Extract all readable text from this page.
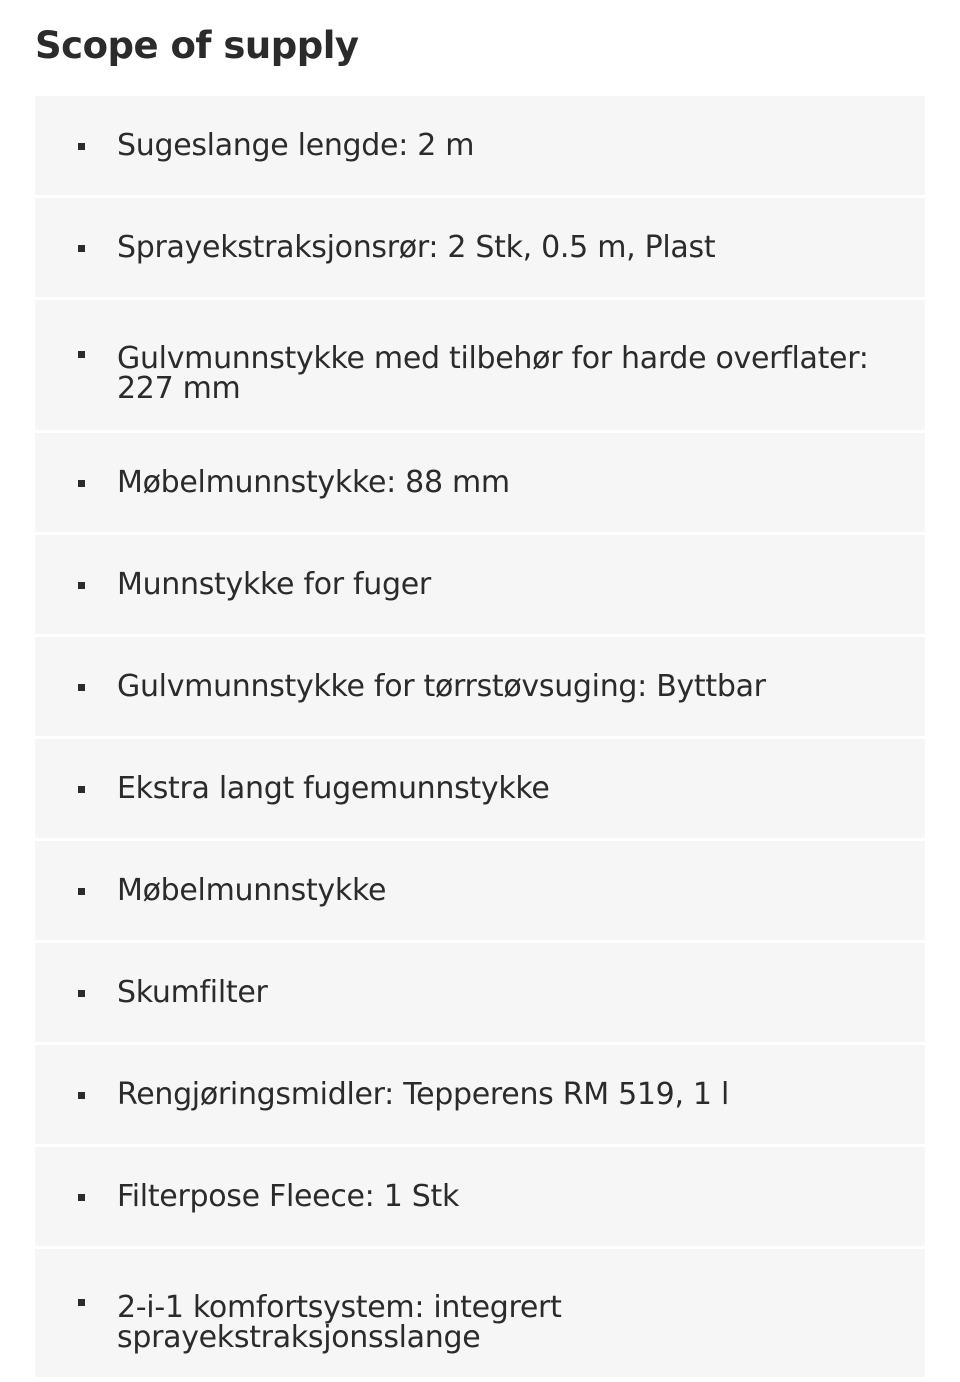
Scope of supply
Sugeslange lengde: 2 m
Sprayekstraksjonsrør: 2 Stk, 0.5 m, Plast
Gulvmunnstykke med tilbehør for harde overflater: 227 mm
Møbelmunnstykke: 88 mm
Munnstykke for fuger
Gulvmunnstykke for tørrstøvsuging: Byttbar
Ekstra langt fugemunnstykke
Møbelmunnstykke
Skumfilter
Rengjøringsmidler: Tepperens RM 519, 1 l
Filterpose Fleece: 1 Stk
2-i-1 komfortsystem: integrert sprayekstraksjonsslange
